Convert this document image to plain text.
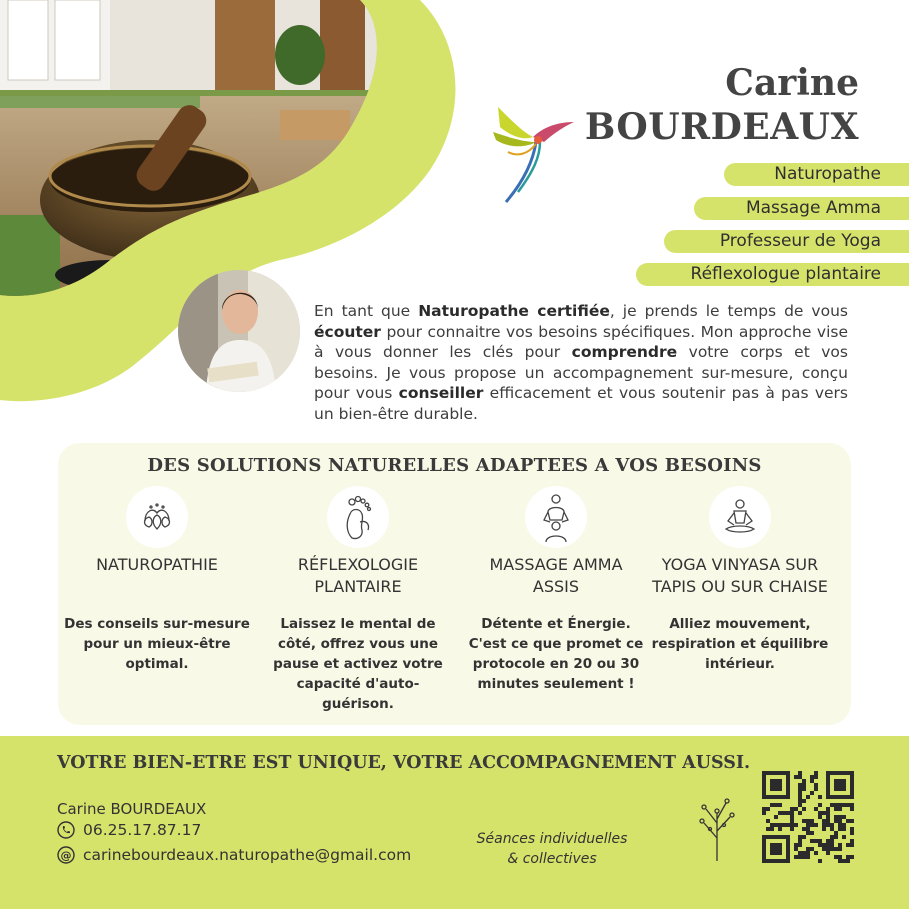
Carine
BOURDEAUX
Naturopathe
Massage Amma
Professeur de Yoga
Réflexologue plantaire
En tant que Naturopathe certifiée, je prends le temps de vous écouter pour connaitre vos besoins spécifiques. Mon approche vise à vous donner les clés pour comprendre votre corps et vos besoins. Je vous propose un accompagnement sur-mesure, conçu pour vous conseiller efficacement et vous soutenir pas à pas vers un bien-être durable.
DES SOLUTIONS NATURELLES ADAPTEES A VOS BESOINS
NATUROPATHIE
Des conseils sur-mesure
pour un mieux-être
optimal.
RÉFLEXOLOGIE
PLANTAIRE
Laissez le mental de
côté, offrez vous une
pause et activez votre
capacité d'auto-
guérison.
MASSAGE AMMA
ASSIS
Détente et Énergie.
C'est ce que promet ce
protocole en 20 ou 30
minutes seulement !
YOGA VINYASA SUR
TAPIS OU SUR CHAISE
Alliez mouvement,
respiration et équilibre
intérieur.
VOTRE BIEN-ETRE EST UNIQUE, VOTRE ACCOMPAGNEMENT AUSSI.
Carine BOURDEAUX
06.25.17.87.17
@ carinebourdeaux.naturopathe@gmail.com
Séances individuelles
& collectives
